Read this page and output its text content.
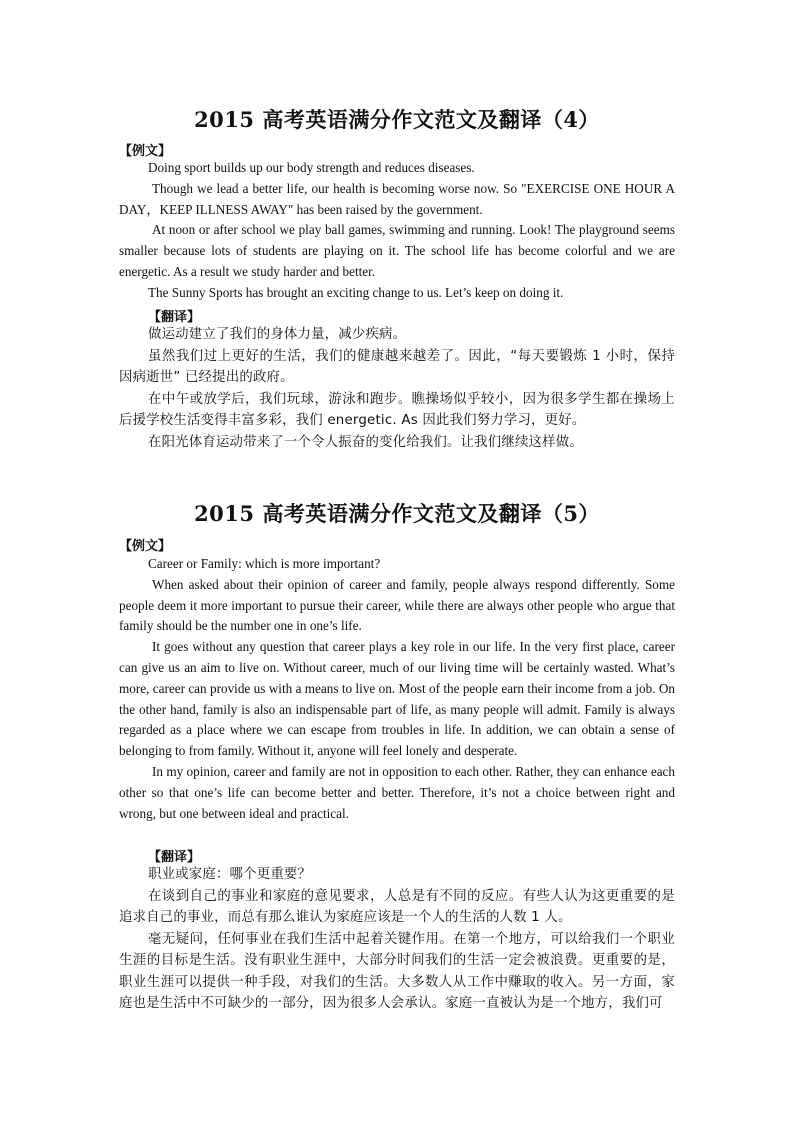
2015 高考英语满分作文范文及翻译（4）
【例文】

Doing sport builds up our body strength and reduces diseases.

Though we lead a better life, our health is becoming worse now. So "EXERCISE ONE HOUR A DAY，KEEP ILLNESS AWAY" has been raised by the government.

At noon or after school we play ball games, swimming and running. Look! The playground seems smaller because lots of students are playing on it. The school life has become colorful and we are energetic. As a result we study harder and better.

The Sunny Sports has brought an exciting change to us. Let’s keep on doing it.

【翻译】

做运动建立了我们的身体力量，减少疾病。

虽然我们过上更好的生活，我们的健康越来越差了。因此，“每天要锻炼 1 小时，保持因病逝世” 已经提出的政府。

在中午或放学后，我们玩球，游泳和跑步。瞧操场似乎较小，因为很多学生都在操场上后援学校生活变得丰富多彩，我们 energetic. As 因此我们努力学习，更好。

在阳光体育运动带来了一个令人振奋的变化给我们。让我们继续这样做。

2015 高考英语满分作文范文及翻译（5）
【例文】

Career or Family: which is more important?

When asked about their opinion of career and family, people always respond differently. Some people deem it more important to pursue their career, while there are always other people who argue that family should be the number one in one’s life.

It goes without any question that career plays a key role in our life. In the very first place, career can give us an aim to live on. Without career, much of our living time will be certainly wasted. What’s more, career can provide us with a means to live on. Most of the people earn their income from a job. On the other hand, family is also an indispensable part of life, as many people will admit. Family is always regarded as a place where we can escape from troubles in life. In addition, we can obtain a sense of belonging to from family. Without it, anyone will feel lonely and desperate.

In my opinion, career and family are not in opposition to each other. Rather, they can enhance each other so that one’s life can become better and better. Therefore, it’s not a choice between right and wrong, but one between ideal and practical.

【翻译】

职业或家庭：哪个更重要？

在谈到自己的事业和家庭的意见要求，人总是有不同的反应。有些人认为这更重要的是追求自己的事业，而总有那么谁认为家庭应该是一个人的生活的人数 1 人。

毫无疑问，任何事业在我们生活中起着关键作用。在第一个地方，可以给我们一个职业生涯的目标是生活。没有职业生涯中，大部分时间我们的生活一定会被浪费。更重要的是，职业生涯可以提供一种手段，对我们的生活。大多数人从工作中赚取的收入。另一方面，家庭也是生活中不可缺少的一部分，因为很多人会承认。家庭一直被认为是一个地方，我们可
